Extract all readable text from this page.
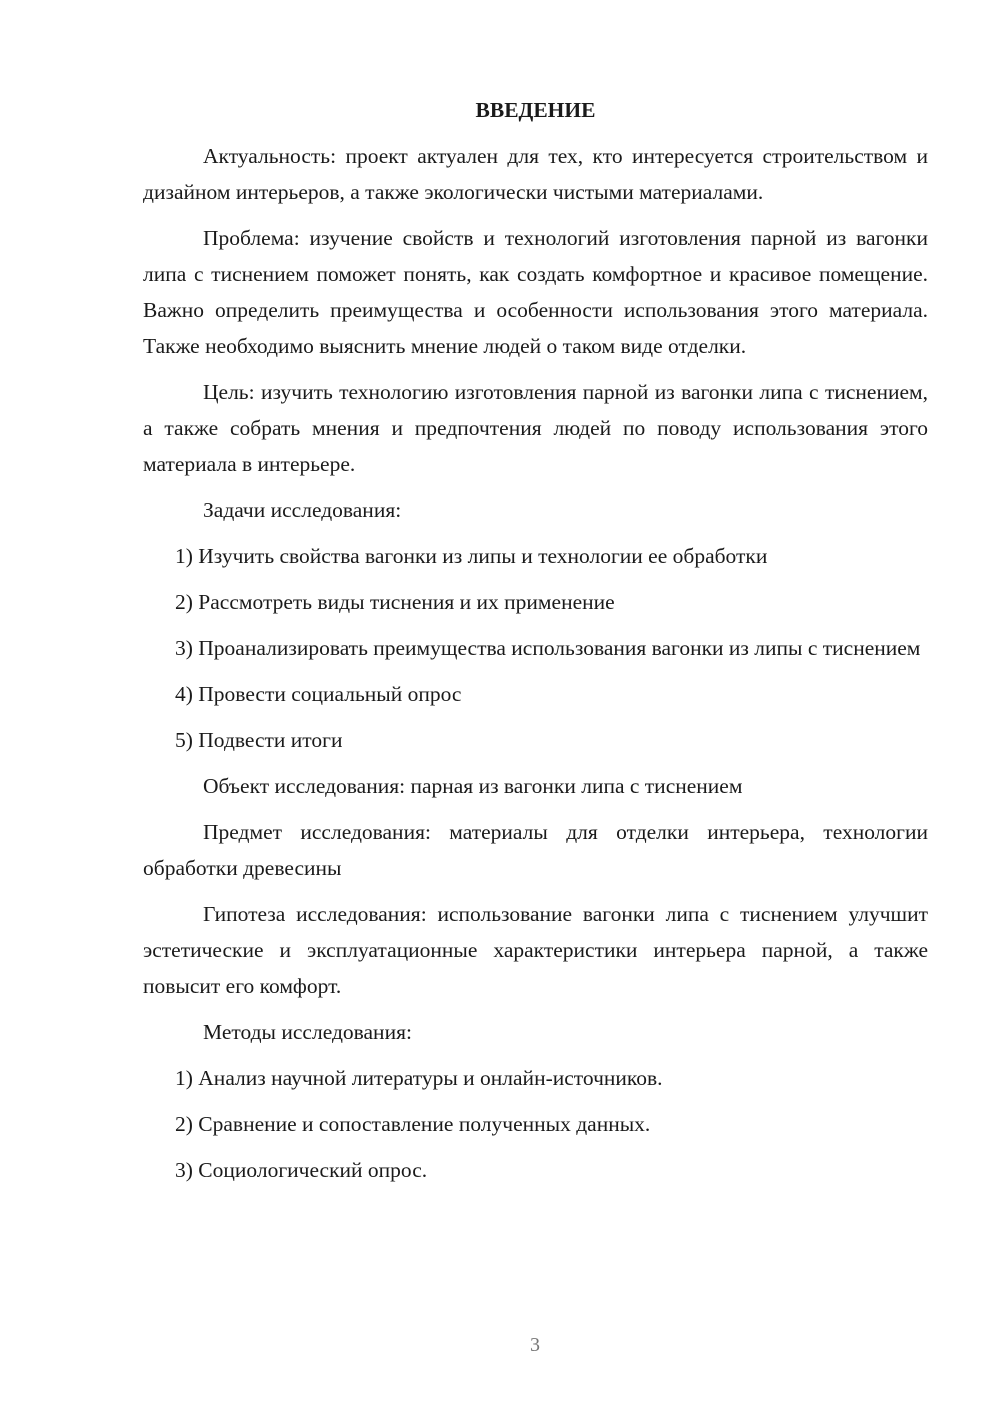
ВВЕДЕНИЕ

Актуальность: проект актуален для тех, кто интересуется строительством и дизайном интерьеров, а также экологически чистыми материалами.

Проблема: изучение свойств и технологий изготовления парной из вагонки липа с тиснением поможет понять, как создать комфортное и красивое помещение. Важно определить преимущества и особенности использования этого материала. Также необходимо выяснить мнение людей о таком виде отделки.

Цель: изучить технологию изготовления парной из вагонки липа с тиснением, а также собрать мнения и предпочтения людей по поводу использования этого материала в интерьере.

Задачи исследования:

1) Изучить свойства вагонки из липы и технологии ее обработки

2) Рассмотреть виды тиснения и их применение

3) Проанализировать преимущества использования вагонки из липы с тиснением

4) Провести социальный опрос

5) Подвести итоги

Объект исследования: парная из вагонки липа с тиснением

Предмет исследования: материалы для отделки интерьера, технологии обработки древесины

Гипотеза исследования: использование вагонки липа с тиснением улучшит эстетические и эксплуатационные характеристики интерьера парной, а также повысит его комфорт.

Методы исследования:

1) Анализ научной литературы и онлайн-источников.

2) Сравнение и сопоставление полученных данных.

3) Социологический опрос.

3
